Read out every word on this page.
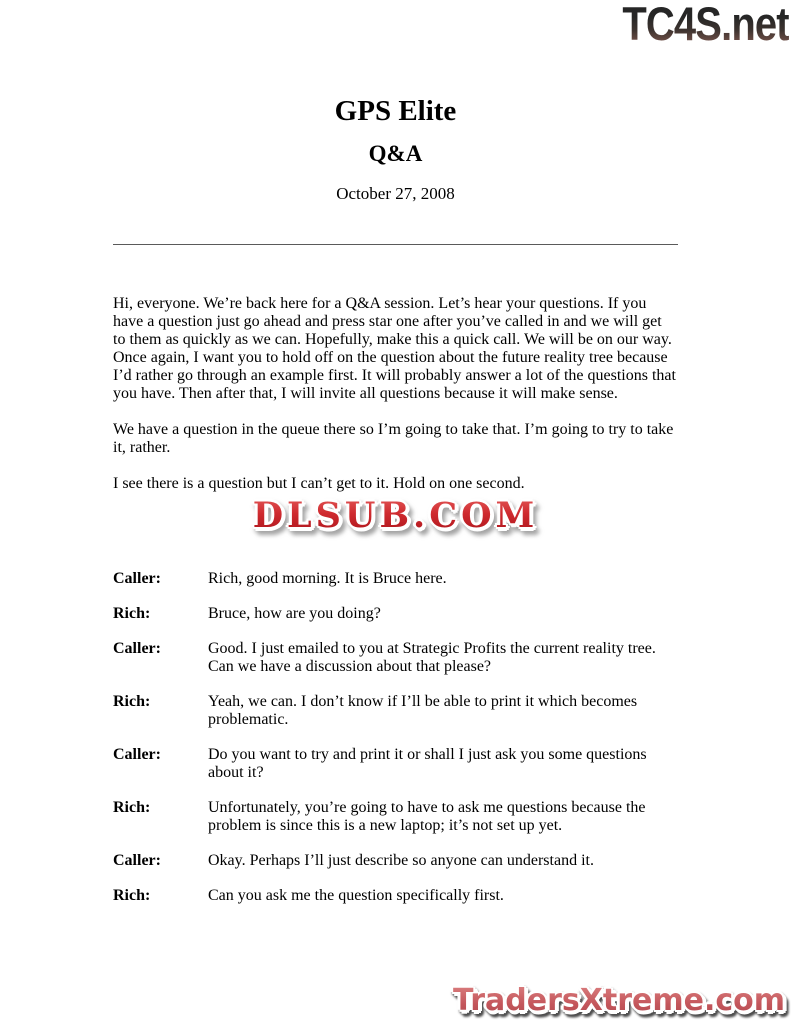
TC4S.net
GPS Elite
Q&A
October 27, 2008

Hi, everyone. We’re back here for a Q&A session. Let’s hear your questions. If you have a question just go ahead and press star one after you’ve called in and we will get to them as quickly as we can. Hopefully, make this a quick call. We will be on our way. Once again, I want you to hold off on the question about the future reality tree because I’d rather go through an example first. It will probably answer a lot of the questions that you have. Then after that, I will invite all questions because it will make sense.

We have a question in the queue there so I’m going to take that. I’m going to try to take it, rather.

I see there is a question but I can’t get to it. Hold on one second.

DLSUB.COM
Caller:	Rich, good morning. It is Bruce here.
Rich:	Bruce, how are you doing?
Caller:	Good. I just emailed to you at Strategic Profits the current reality tree. Can we have a discussion about that please?
Rich:	Yeah, we can. I don’t know if I’ll be able to print it which becomes problematic.
Caller:	Do you want to try and print it or shall I just ask you some questions about it?
Rich:	Unfortunately, you’re going to have to ask me questions because the problem is since this is a new laptop; it’s not set up yet.
Caller:	Okay. Perhaps I’ll just describe so anyone can understand it.
Rich:	Can you ask me the question specifically first.
TradersXtreme.com
